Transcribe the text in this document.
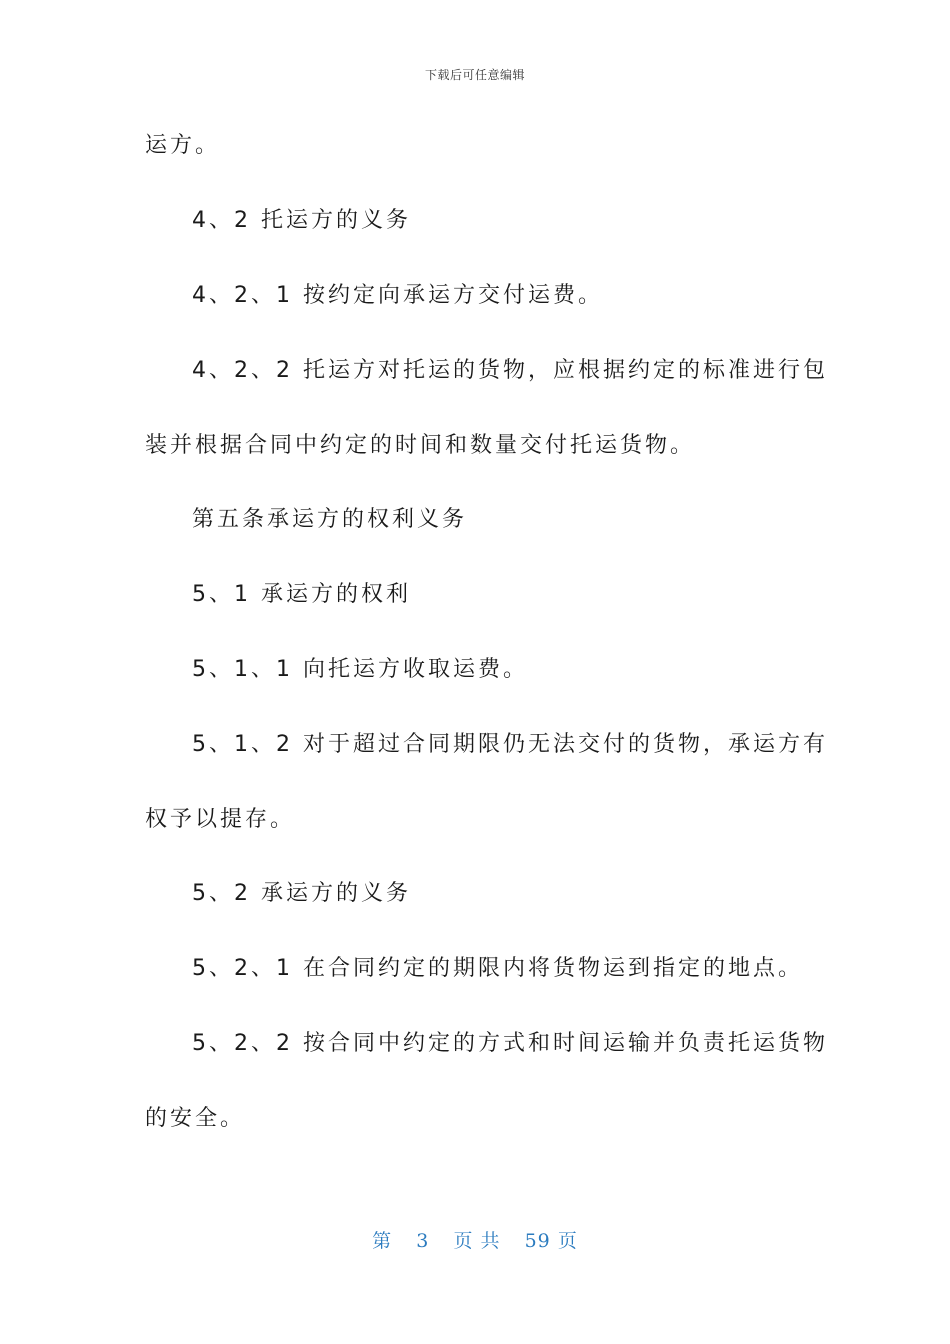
下载后可任意编辑
运方。
4、2 托运方的义务
4、2、1 按约定向承运方交付运费。
4、2、2 托运方对托运的货物，应根据约定的标准进行包
装并根据合同中约定的时间和数量交付托运货物。
第五条承运方的权利义务
5、1 承运方的权利
5、1、1 向托运方收取运费。
5、1、2 对于超过合同期限仍无法交付的货物，承运方有
权予以提存。
5、2 承运方的义务
5、2、1 在合同约定的期限内将货物运到指定的地点。
5、2、2 按合同中约定的方式和时间运输并负责托运货物
的安全。
第 3 页 共 59 页
